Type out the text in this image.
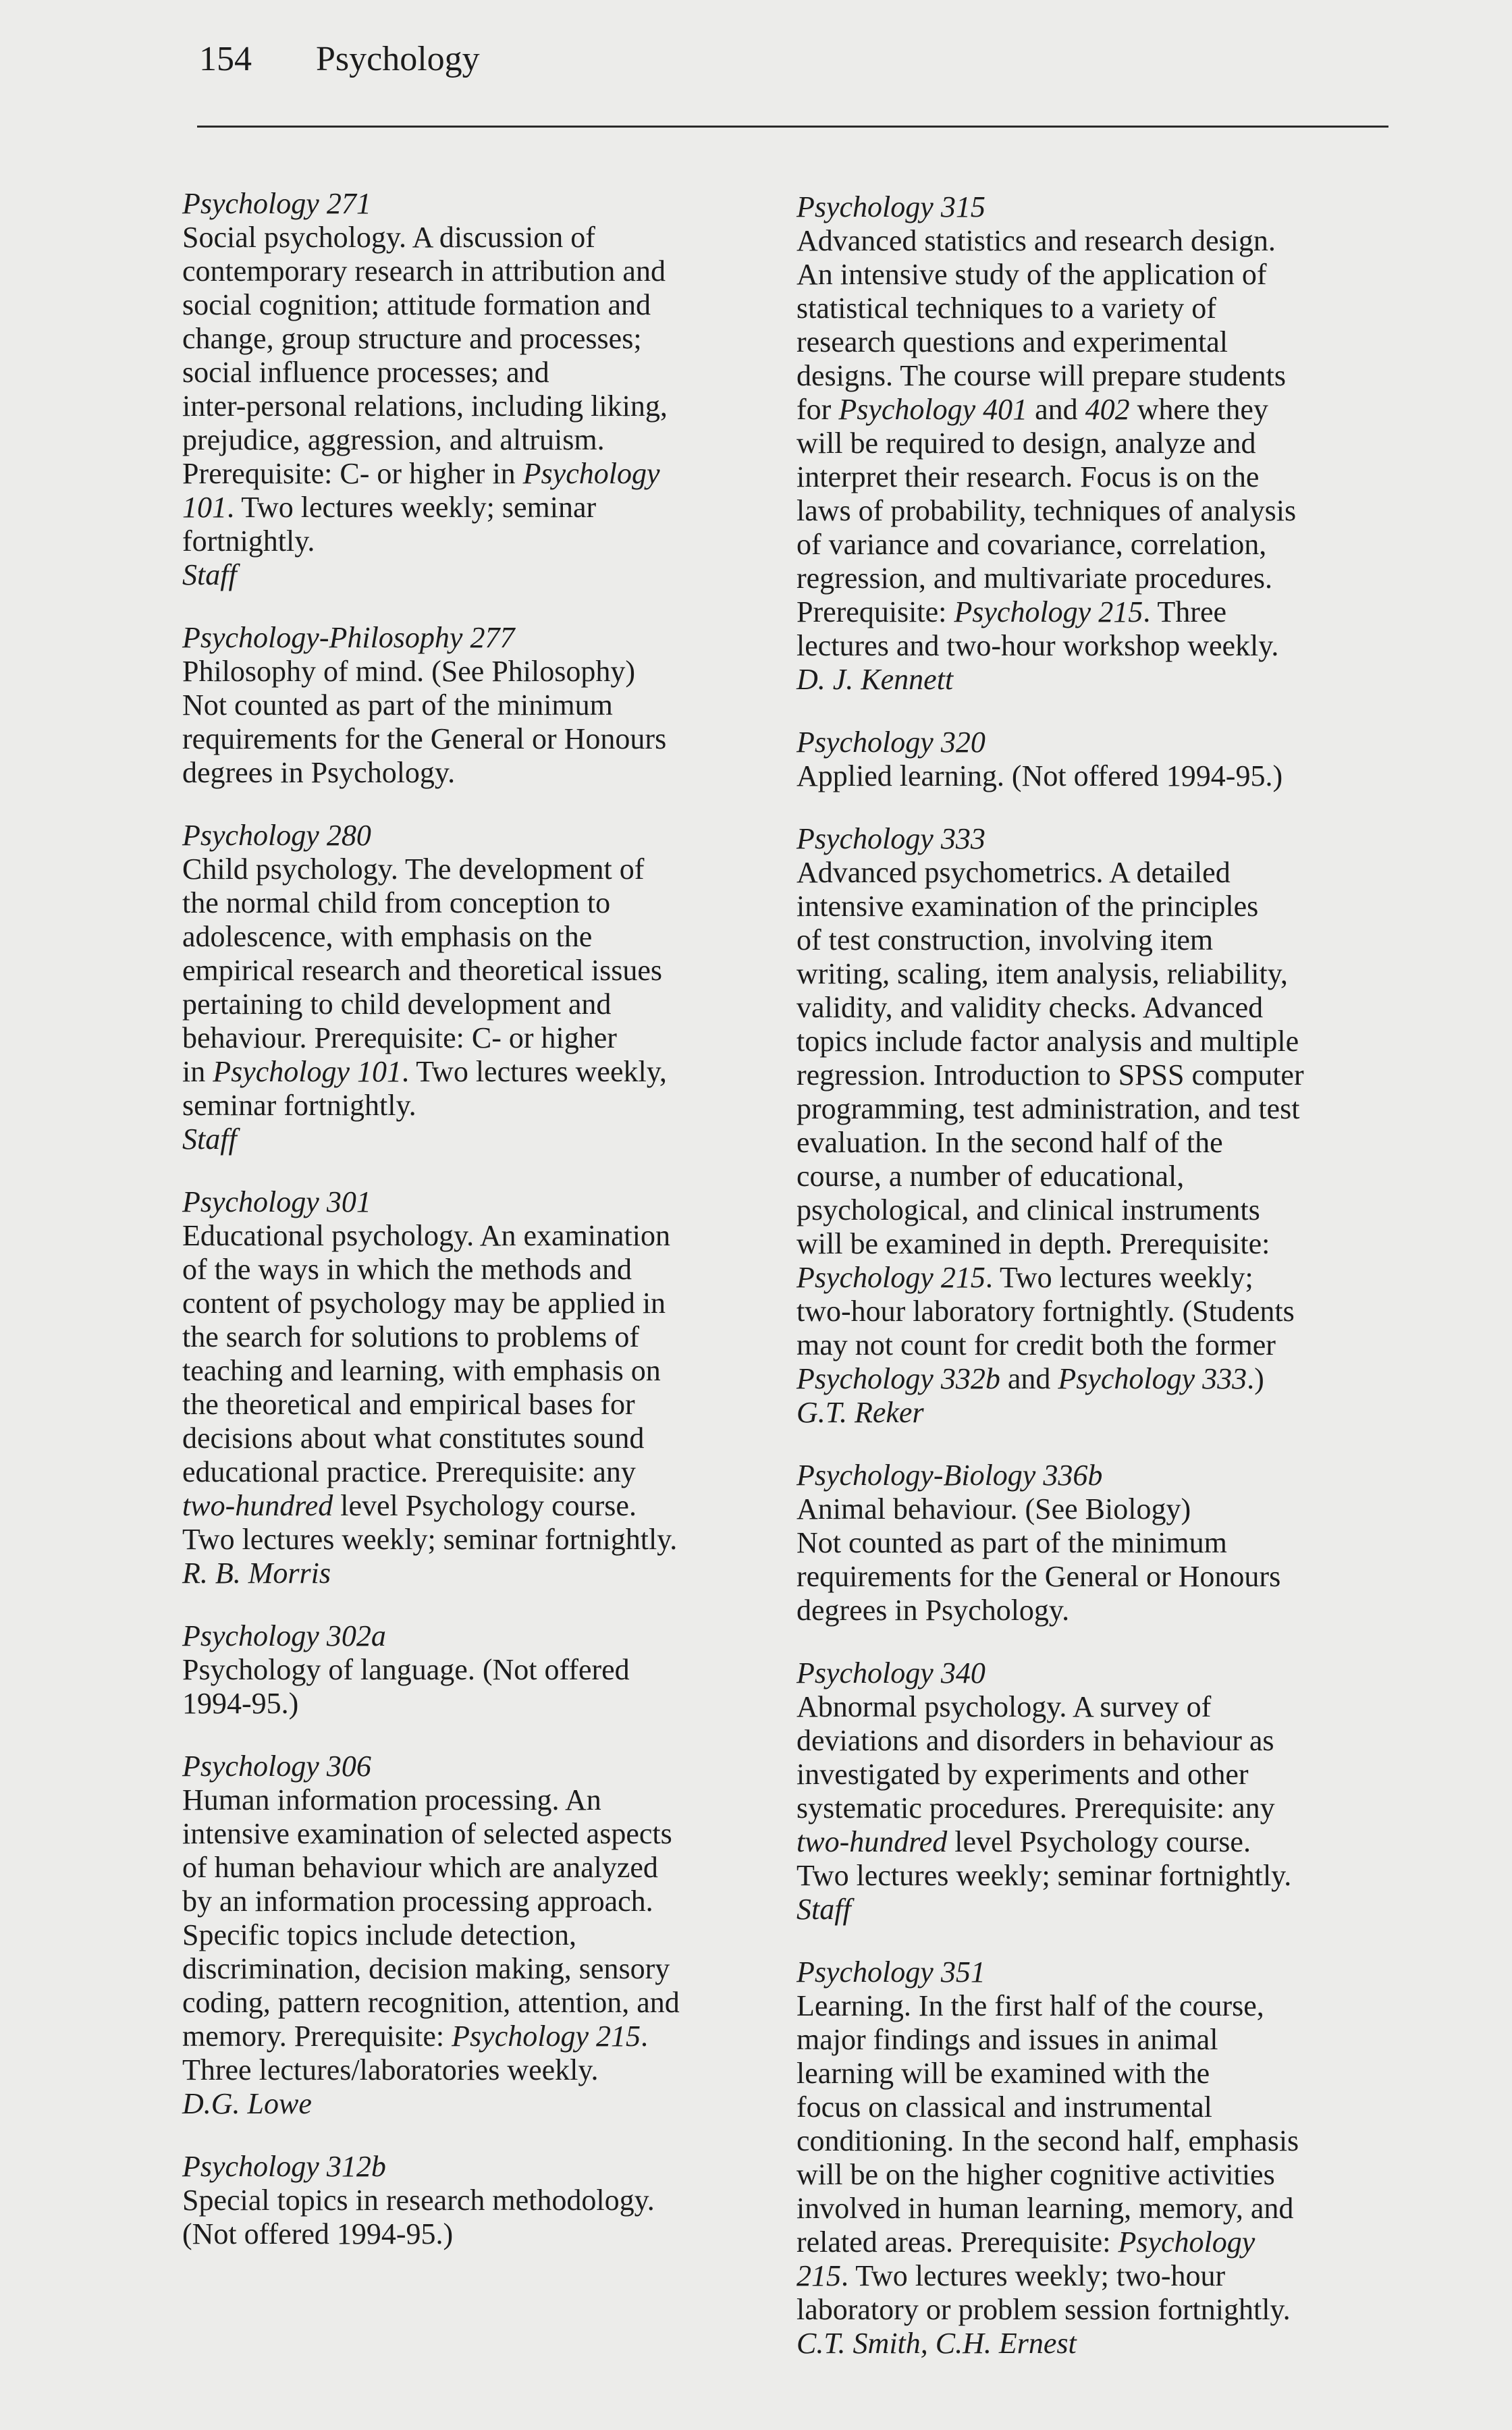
154 Psychology
Psychology 271
Social psychology. A discussion of
contemporary research in attribution and
social cognition; attitude formation and
change, group structure and processes;
social influence processes; and
inter-personal relations, including liking,
prejudice, aggression, and altruism.
Prerequisite: C- or higher in Psychology
101. Two lectures weekly; seminar
fortnightly.
Staff
Psychology-Philosophy 277
Philosophy of mind. (See Philosophy)
Not counted as part of the minimum
requirements for the General or Honours
degrees in Psychology.
Psychology 280
Child psychology. The development of
the normal child from conception to
adolescence, with emphasis on the
empirical research and theoretical issues
pertaining to child development and
behaviour. Prerequisite: C- or higher
in Psychology 101. Two lectures weekly,
seminar fortnightly.
Staff
Psychology 301
Educational psychology. An examination
of the ways in which the methods and
content of psychology may be applied in
the search for solutions to problems of
teaching and learning, with emphasis on
the theoretical and empirical bases for
decisions about what constitutes sound
educational practice. Prerequisite: any
two-hundred level Psychology course.
Two lectures weekly; seminar fortnightly.
R. B. Morris
Psychology 302a
Psychology of language. (Not offered
1994-95.)
Psychology 306
Human information processing. An
intensive examination of selected aspects
of human behaviour which are analyzed
by an information processing approach.
Specific topics include detection,
discrimination, decision making, sensory
coding, pattern recognition, attention, and
memory. Prerequisite: Psychology 215.
Three lectures/laboratories weekly.
D.G. Lowe
Psychology 312b
Special topics in research methodology.
(Not offered 1994-95.)
Psychology 315
Advanced statistics and research design.
An intensive study of the application of
statistical techniques to a variety of
research questions and experimental
designs. The course will prepare students
for Psychology 401 and 402 where they
will be required to design, analyze and
interpret their research. Focus is on the
laws of probability, techniques of analysis
of variance and covariance, correlation,
regression, and multivariate procedures.
Prerequisite: Psychology 215. Three
lectures and two-hour workshop weekly.
D. J. Kennett
Psychology 320
Applied learning. (Not offered 1994-95.)
Psychology 333
Advanced psychometrics. A detailed
intensive examination of the principles
of test construction, involving item
writing, scaling, item analysis, reliability,
validity, and validity checks. Advanced
topics include factor analysis and multiple
regression. Introduction to SPSS computer
programming, test administration, and test
evaluation. In the second half of the
course, a number of educational,
psychological, and clinical instruments
will be examined in depth. Prerequisite:
Psychology 215. Two lectures weekly;
two-hour laboratory fortnightly. (Students
may not count for credit both the former
Psychology 332b and Psychology 333.)
G.T. Reker
Psychology-Biology 336b
Animal behaviour. (See Biology)
Not counted as part of the minimum
requirements for the General or Honours
degrees in Psychology.
Psychology 340
Abnormal psychology. A survey of
deviations and disorders in behaviour as
investigated by experiments and other
systematic procedures. Prerequisite: any
two-hundred level Psychology course.
Two lectures weekly; seminar fortnightly.
Staff
Psychology 351
Learning. In the first half of the course,
major findings and issues in animal
learning will be examined with the
focus on classical and instrumental
conditioning. In the second half, emphasis
will be on the higher cognitive activities
involved in human learning, memory, and
related areas. Prerequisite: Psychology
215. Two lectures weekly; two-hour
laboratory or problem session fortnightly.
C.T. Smith, C.H. Ernest
